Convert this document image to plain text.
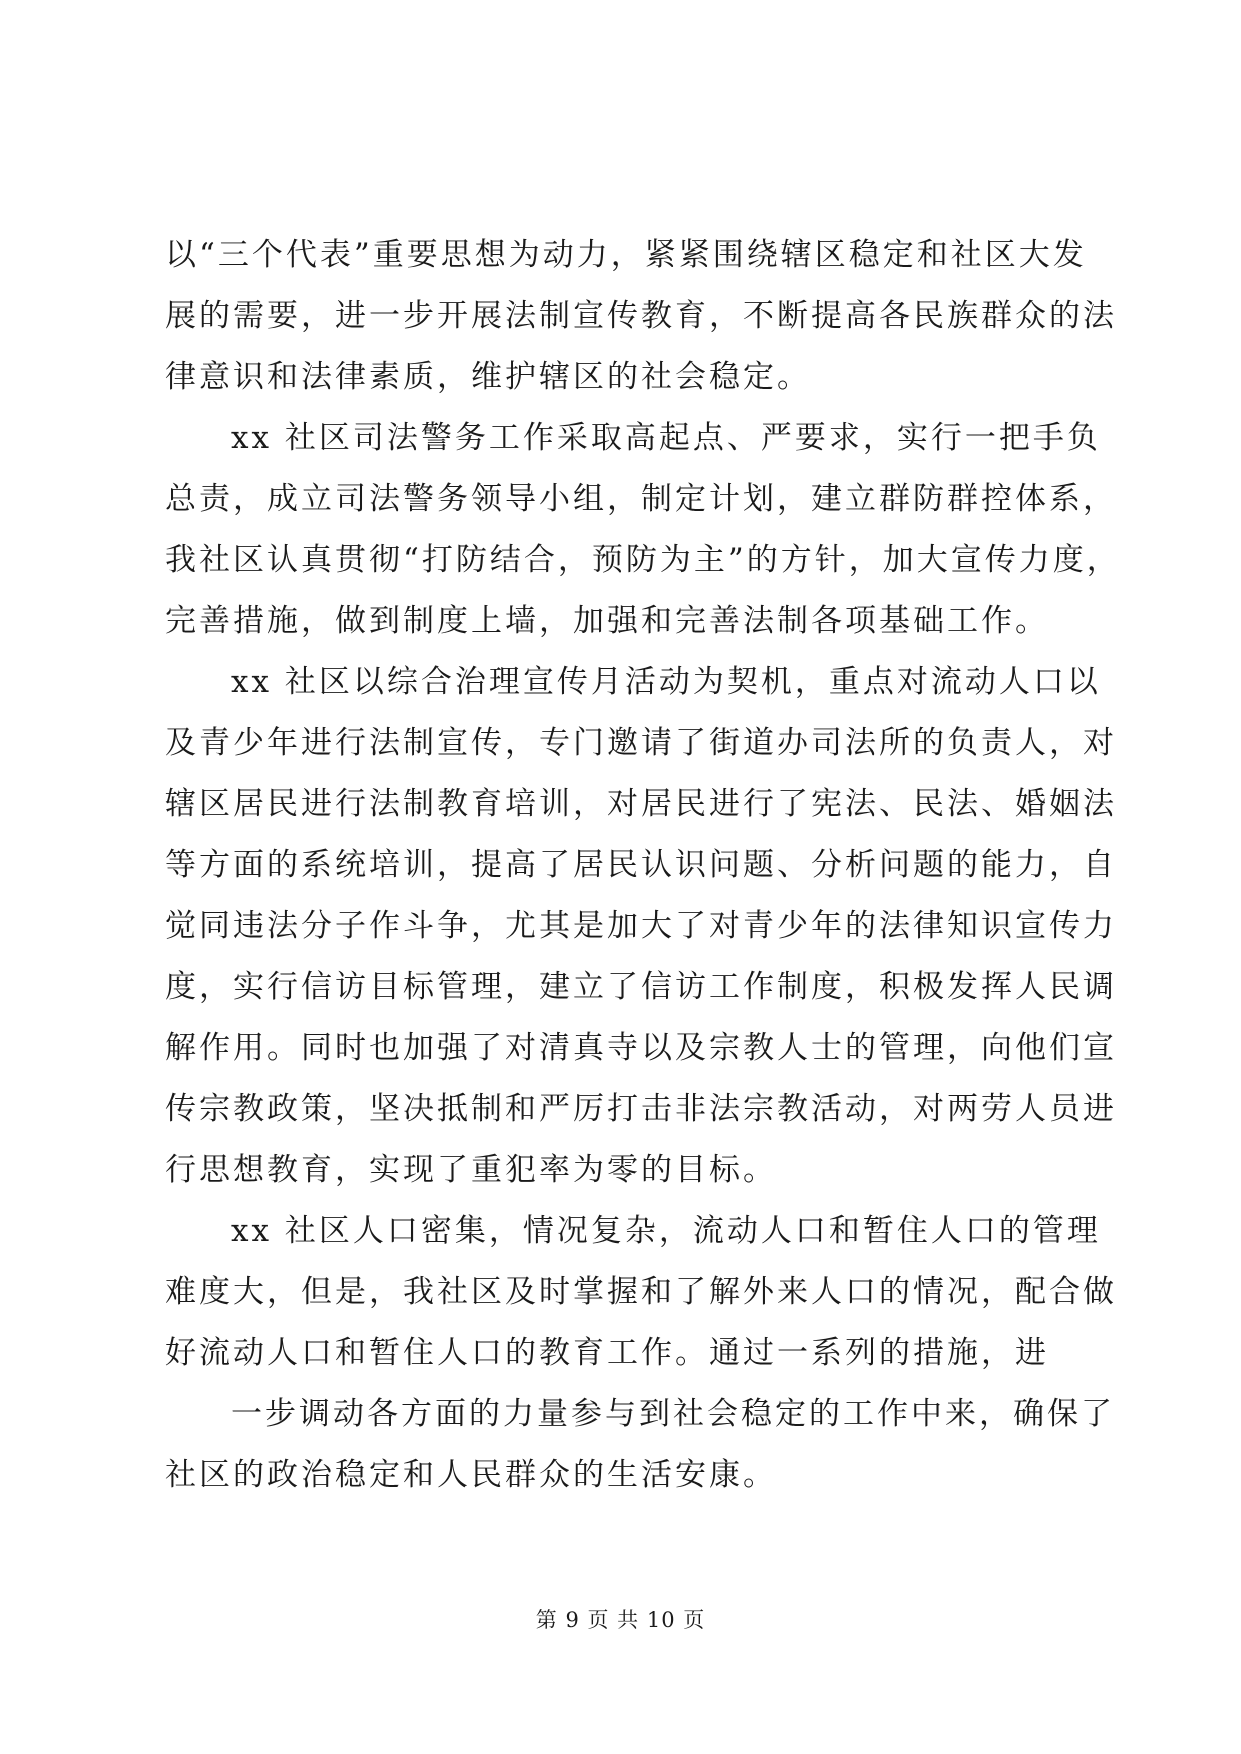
以“三个代表”重要思想为动力，紧紧围绕辖区稳定和社区大发
展的需要，进一步开展法制宣传教育，不断提高各民族群众的法
律意识和法律素质，维护辖区的社会稳定。

xx 社区司法警务工作采取高起点、严要求，实行一把手负
总责，成立司法警务领导小组，制定计划，建立群防群控体系，
我社区认真贯彻“打防结合，预防为主”的方针，加大宣传力度，
完善措施，做到制度上墙，加强和完善法制各项基础工作。

xx 社区以综合治理宣传月活动为契机，重点对流动人口以
及青少年进行法制宣传，专门邀请了街道办司法所的负责人，对
辖区居民进行法制教育培训，对居民进行了宪法、民法、婚姻法
等方面的系统培训，提高了居民认识问题、分析问题的能力，自
觉同违法分子作斗争，尤其是加大了对青少年的法律知识宣传力
度，实行信访目标管理，建立了信访工作制度，积极发挥人民调
解作用。同时也加强了对清真寺以及宗教人士的管理，向他们宣
传宗教政策，坚决抵制和严厉打击非法宗教活动，对两劳人员进
行思想教育，实现了重犯率为零的目标。

xx 社区人口密集，情况复杂，流动人口和暂住人口的管理
难度大，但是，我社区及时掌握和了解外来人口的情况，配合做
好流动人口和暂住人口的教育工作。通过一系列的措施，进

一步调动各方面的力量参与到社会稳定的工作中来，确保了
社区的政治稳定和人民群众的生活安康。

第 9 页 共 10 页
